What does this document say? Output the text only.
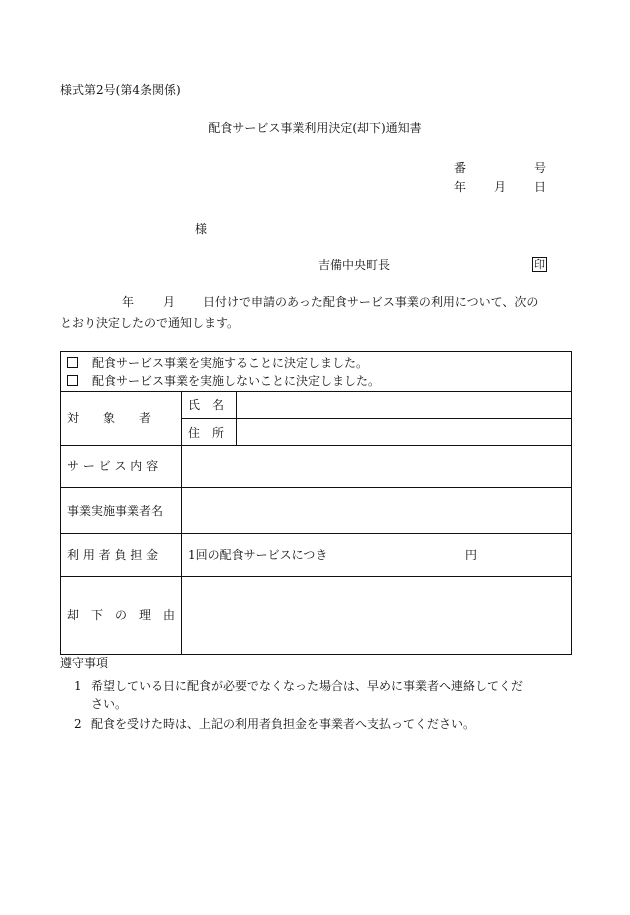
様式第2号(第4条関係)
配食サービス事業利用決定(却下)通知書
番	号
年 月 日
様
吉備中央町長	印
年 月 日付けで申請のあった配食サービス事業の利用について、次の
とおり決定したので通知します。
配食サービス事業を実施することに決定しました。
配食サービス事業を実施しないことに決定しました。
対　　象　　者
氏　名
住　所
サ ー ビ ス 内 容
事業実施事業者名
利 用 者 負 担 金 1回の配食サービスにつき	円
却　下　の　理　由
遵守事項
1 希望している日に配食が必要でなくなった場合は、早めに事業者へ連絡してくだ
さい。
2 配食を受けた時は、上記の利用者負担金を事業者へ支払ってください。
